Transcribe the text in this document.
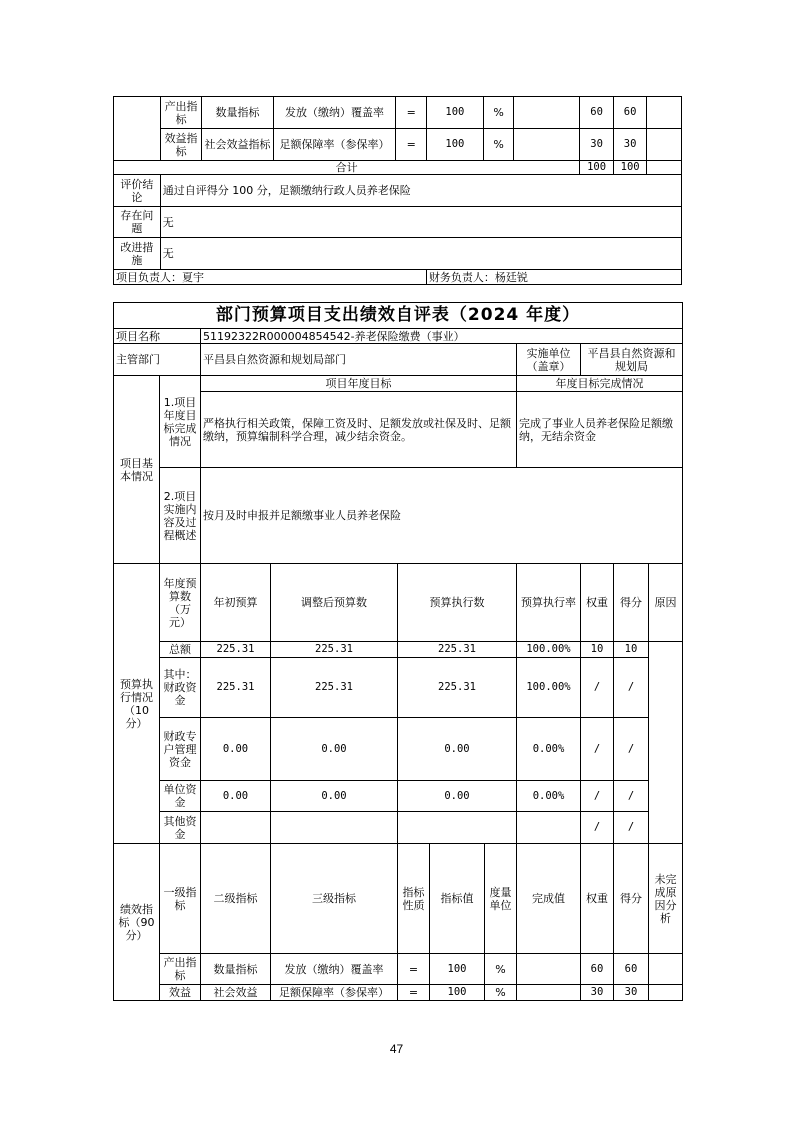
	产出指标	数量指标	发放（缴纳）覆盖率	=	100	%		60	60	
	效益指标	社会效益指标	足额保障率（参保率）	=	100	%		30	30	
合计								100	100	
评价结论	通过自评得分 100 分，足额缴纳行政人员养老保险									
存在问题	无									
改进措施	无									
项目负责人：夏宇					财务负责人：杨廷锐					
部门预算项目支出绩效自评表（2024 年度）										
项目名称		51192322R000004854542-养老保险缴费（事业）								
主管部门		平昌县自然资源和规划局部门					实施单位（盖章）	平昌县自然资源和规划局		
项目基本情况	1.项目年度目标完成情况	项目年度目标					年度目标完成情况			
		严格执行相关政策，保障工资及时、足额发放或社保及时、足额缴纳，预算编制科学合理，减少结余资金。					完成了事业人员养老保险足额缴纳，无结余资金			
	2.项目实施内容及过程概述	按月及时申报并足额缴事业人员养老保险								
预算执行情况（10分）	年度预算数（万元）	年初预算	调整后预算数	预算执行数			预算执行率	权重	得分	原因
	总额	225.31	225.31	225.31			100.00%	10	10	
	其中：财政资金	225.31	225.31	225.31			100.00%	/	/	
	财政专户管理资金	0.00	0.00	0.00			0.00%	/	/	
	单位资金	0.00	0.00	0.00			0.00%	/	/	
	其他资金							/	/	
绩效指标（90分）	一级指标	二级指标	三级指标	指标性质	指标值	度量单位	完成值	权重	得分	未完成原因分析
	产出指标	数量指标	发放（缴纳）覆盖率	=	100	%		60	60	
	效益	社会效益	足额保障率（参保率）	=	100	%		30	30	
47
